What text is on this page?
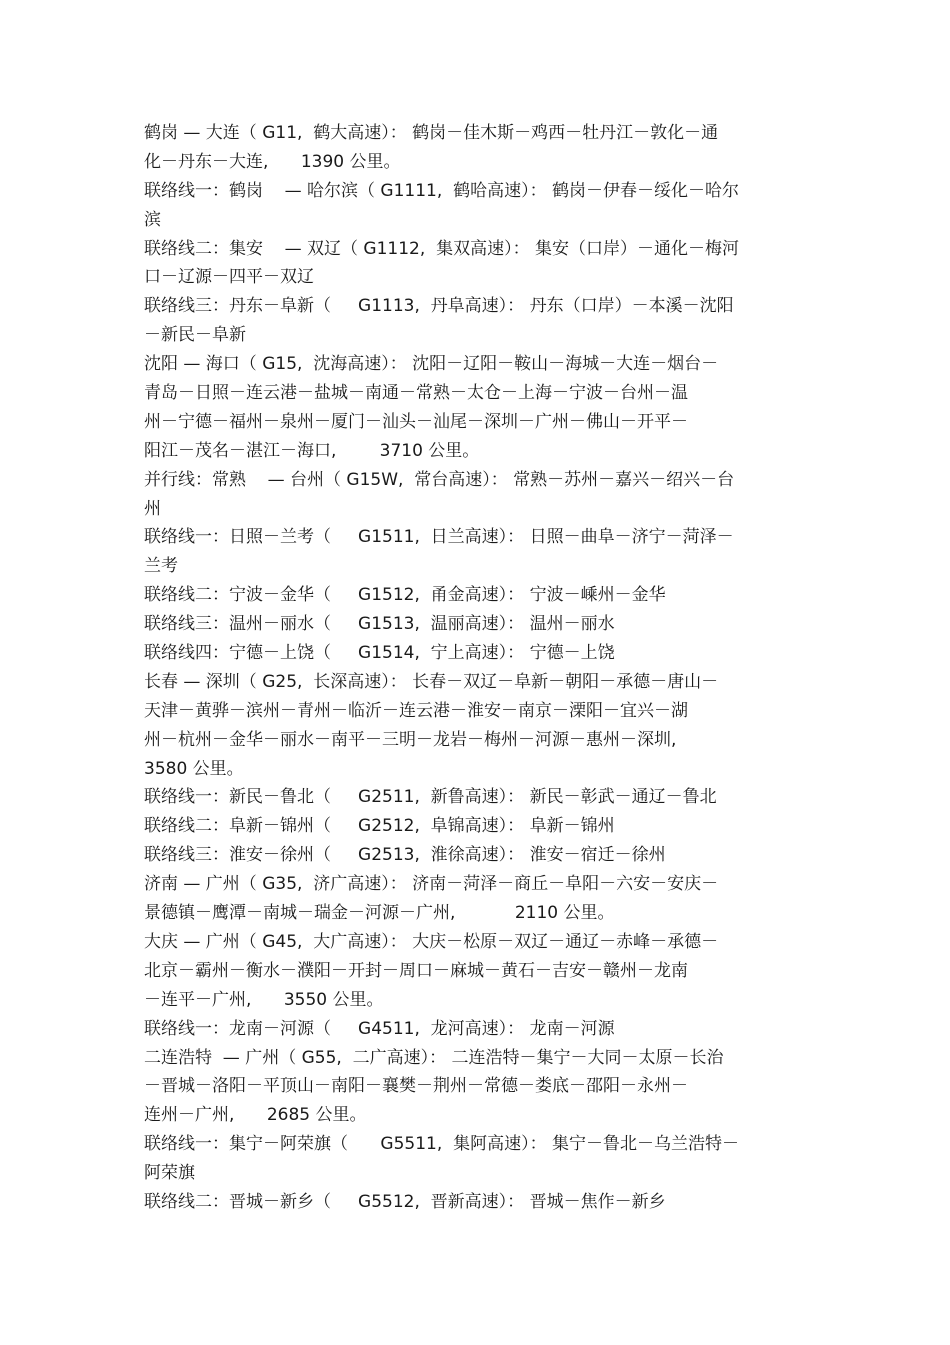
鹤岗 — 大连（ G11,  鹤大高速）： 鹤岗－佳木斯－鸡西－牡丹江－敦化－通

化－丹东－大连,      1390 公里。

联络线一：鹤岗    — 哈尔滨（ G1111,  鹤哈高速）： 鹤岗－伊春－绥化－哈尔

滨

联络线二：集安    — 双辽（ G1112,  集双高速）： 集安（口岸）－通化－梅河

口－辽源－四平－双辽

联络线三：丹东－阜新（     G1113,  丹阜高速）： 丹东（口岸）－本溪－沈阳

－新民－阜新

沈阳 — 海口（ G15,  沈海高速）： 沈阳－辽阳－鞍山－海城－大连－烟台－

青岛－日照－连云港－盐城－南通－常熟－太仓－上海－宁波－台州－温

州－宁德－福州－泉州－厦门－汕头－汕尾－深圳－广州－佛山－开平－

阳江－茂名－湛江－海口,        3710 公里。

并行线：常熟    — 台州（ G15W,  常台高速）： 常熟－苏州－嘉兴－绍兴－台

州

联络线一：日照－兰考（     G1511,  日兰高速）： 日照－曲阜－济宁－菏泽－

兰考

联络线二：宁波－金华（     G1512,  甬金高速）： 宁波－嵊州－金华

联络线三：温州－丽水（     G1513,  温丽高速）： 温州－丽水

联络线四：宁德－上饶（     G1514,  宁上高速）： 宁德－上饶

长春 — 深圳（ G25,  长深高速）： 长春－双辽－阜新－朝阳－承德－唐山－

天津－黄骅－滨州－青州－临沂－连云港－淮安－南京－溧阳－宜兴－湖

州－杭州－金华－丽水－南平－三明－龙岩－梅州－河源－惠州－深圳,

3580 公里。

联络线一：新民－鲁北（     G2511,  新鲁高速）： 新民－彰武－通辽－鲁北

联络线二：阜新－锦州（     G2512,  阜锦高速）： 阜新－锦州

联络线三：淮安－徐州（     G2513,  淮徐高速）： 淮安－宿迁－徐州

济南 — 广州（ G35,  济广高速）： 济南－菏泽－商丘－阜阳－六安－安庆－

景德镇－鹰潭－南城－瑞金－河源－广州,           2110 公里。

大庆 — 广州（ G45,  大广高速）： 大庆－松原－双辽－通辽－赤峰－承德－

北京－霸州－衡水－濮阳－开封－周口－麻城－黄石－吉安－赣州－龙南

－连平－广州,      3550 公里。

联络线一：龙南－河源（     G4511,  龙河高速）： 龙南－河源

二连浩特  — 广州（ G55,  二广高速）： 二连浩特－集宁－大同－太原－长治

－晋城－洛阳－平顶山－南阳－襄樊－荆州－常德－娄底－邵阳－永州－

连州－广州,      2685 公里。

联络线一：集宁－阿荣旗（      G5511,  集阿高速）： 集宁－鲁北－乌兰浩特－

阿荣旗

联络线二：晋城－新乡（     G5512,  晋新高速）： 晋城－焦作－新乡
